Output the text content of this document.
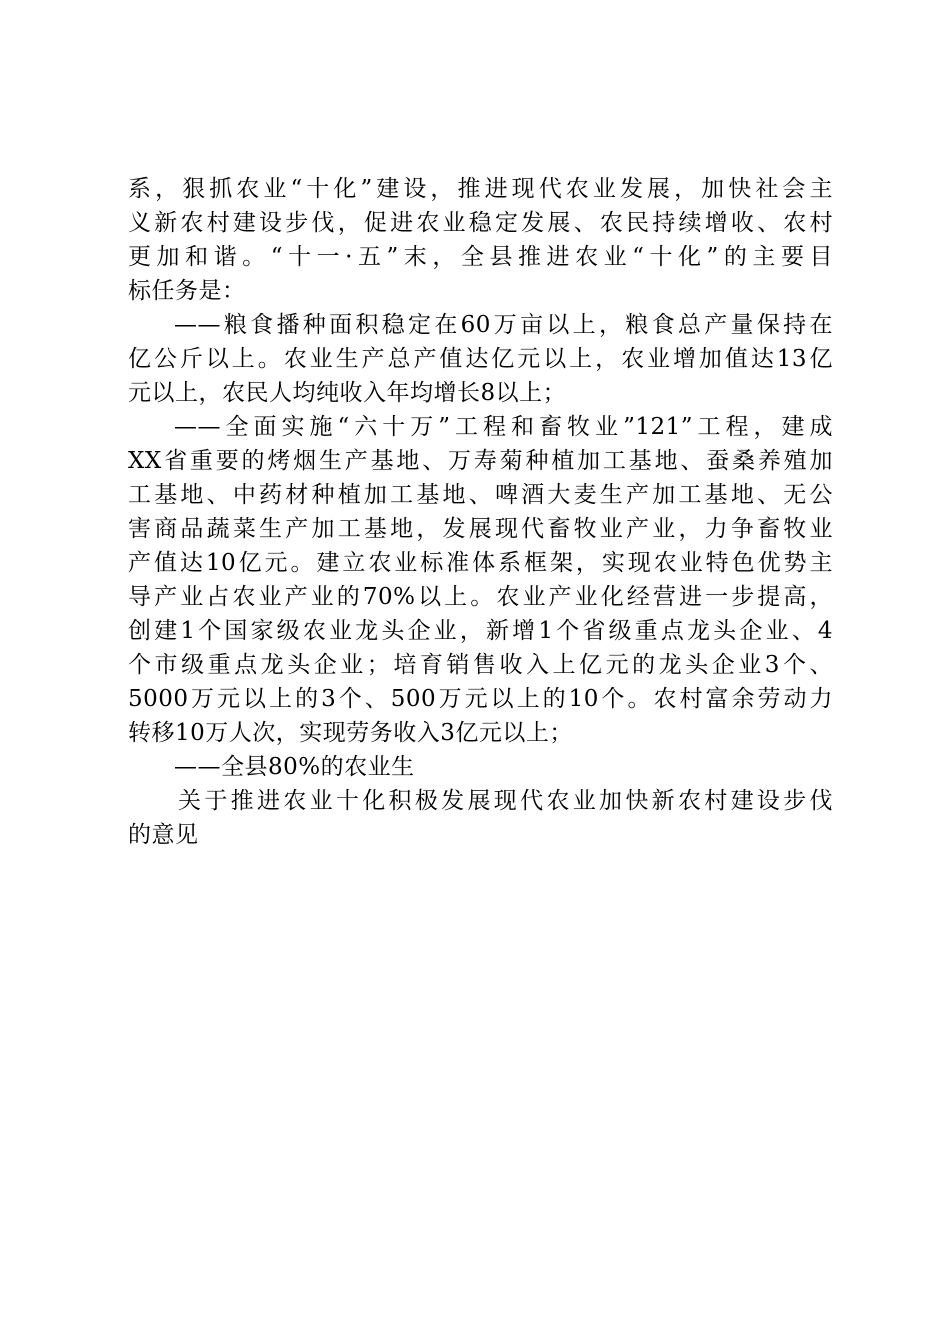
系，狠抓农业“十化”建设，推进现代农业发展，加快社会主
义新农村建设步伐，促进农业稳定发展、农民持续增收、农村
更加和谐。“十一·五”末，全县推进农业“十化”的主要目
标任务是：
——粮食播种面积稳定在60万亩以上，粮食总产量保持在
亿公斤以上。农业生产总产值达亿元以上，农业增加值达13亿
元以上，农民人均纯收入年均增长8以上；
——全面实施“六十万”工程和畜牧业”121”工程，建成
XX省重要的烤烟生产基地、万寿菊种植加工基地、蚕桑养殖加
工基地、中药材种植加工基地、啤酒大麦生产加工基地、无公
害商品蔬菜生产加工基地，发展现代畜牧业产业，力争畜牧业
产值达10亿元。建立农业标准体系框架，实现农业特色优势主
导产业占农业产业的70%以上。农业产业化经营进一步提高，
创建1个国家级农业龙头企业，新增1个省级重点龙头企业、4
个市级重点龙头企业；培育销售收入上亿元的龙头企业3个、
5000万元以上的3个、500万元以上的10个。农村富余劳动力
转移10万人次，实现劳务收入3亿元以上；
——全县80%的农业生
关于推进农业十化积极发展现代农业加快新农村建设步伐
的意见
